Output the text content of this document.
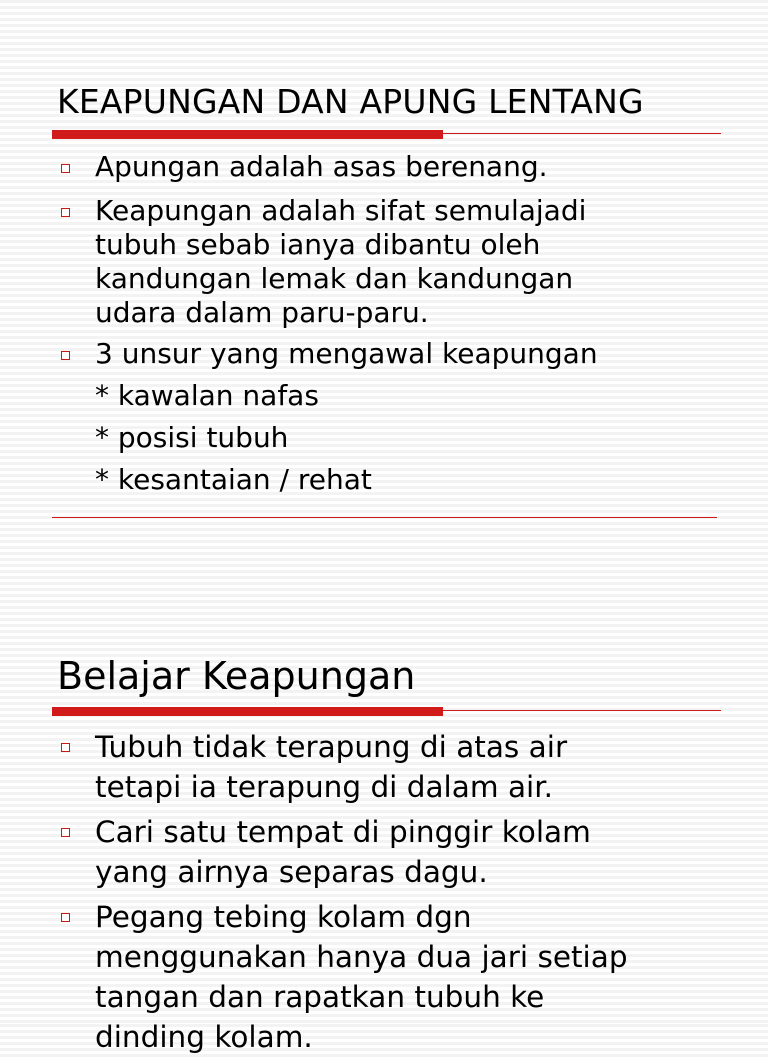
KEAPUNGAN DAN APUNG LENTANG
Apungan adalah asas berenang.
Keapungan adalah sifat semulajadi
tubuh sebab ianya dibantu oleh
kandungan lemak dan kandungan
udara dalam paru-paru.
3 unsur yang mengawal keapungan
* kawalan nafas
* posisi tubuh
* kesantaian / rehat
Belajar Keapungan
Tubuh tidak terapung di atas air
tetapi ia terapung di dalam air.
Cari satu tempat di pinggir kolam
yang airnya separas dagu.
Pegang tebing kolam dgn
menggunakan hanya dua jari setiap
tangan dan rapatkan tubuh ke
dinding kolam.
